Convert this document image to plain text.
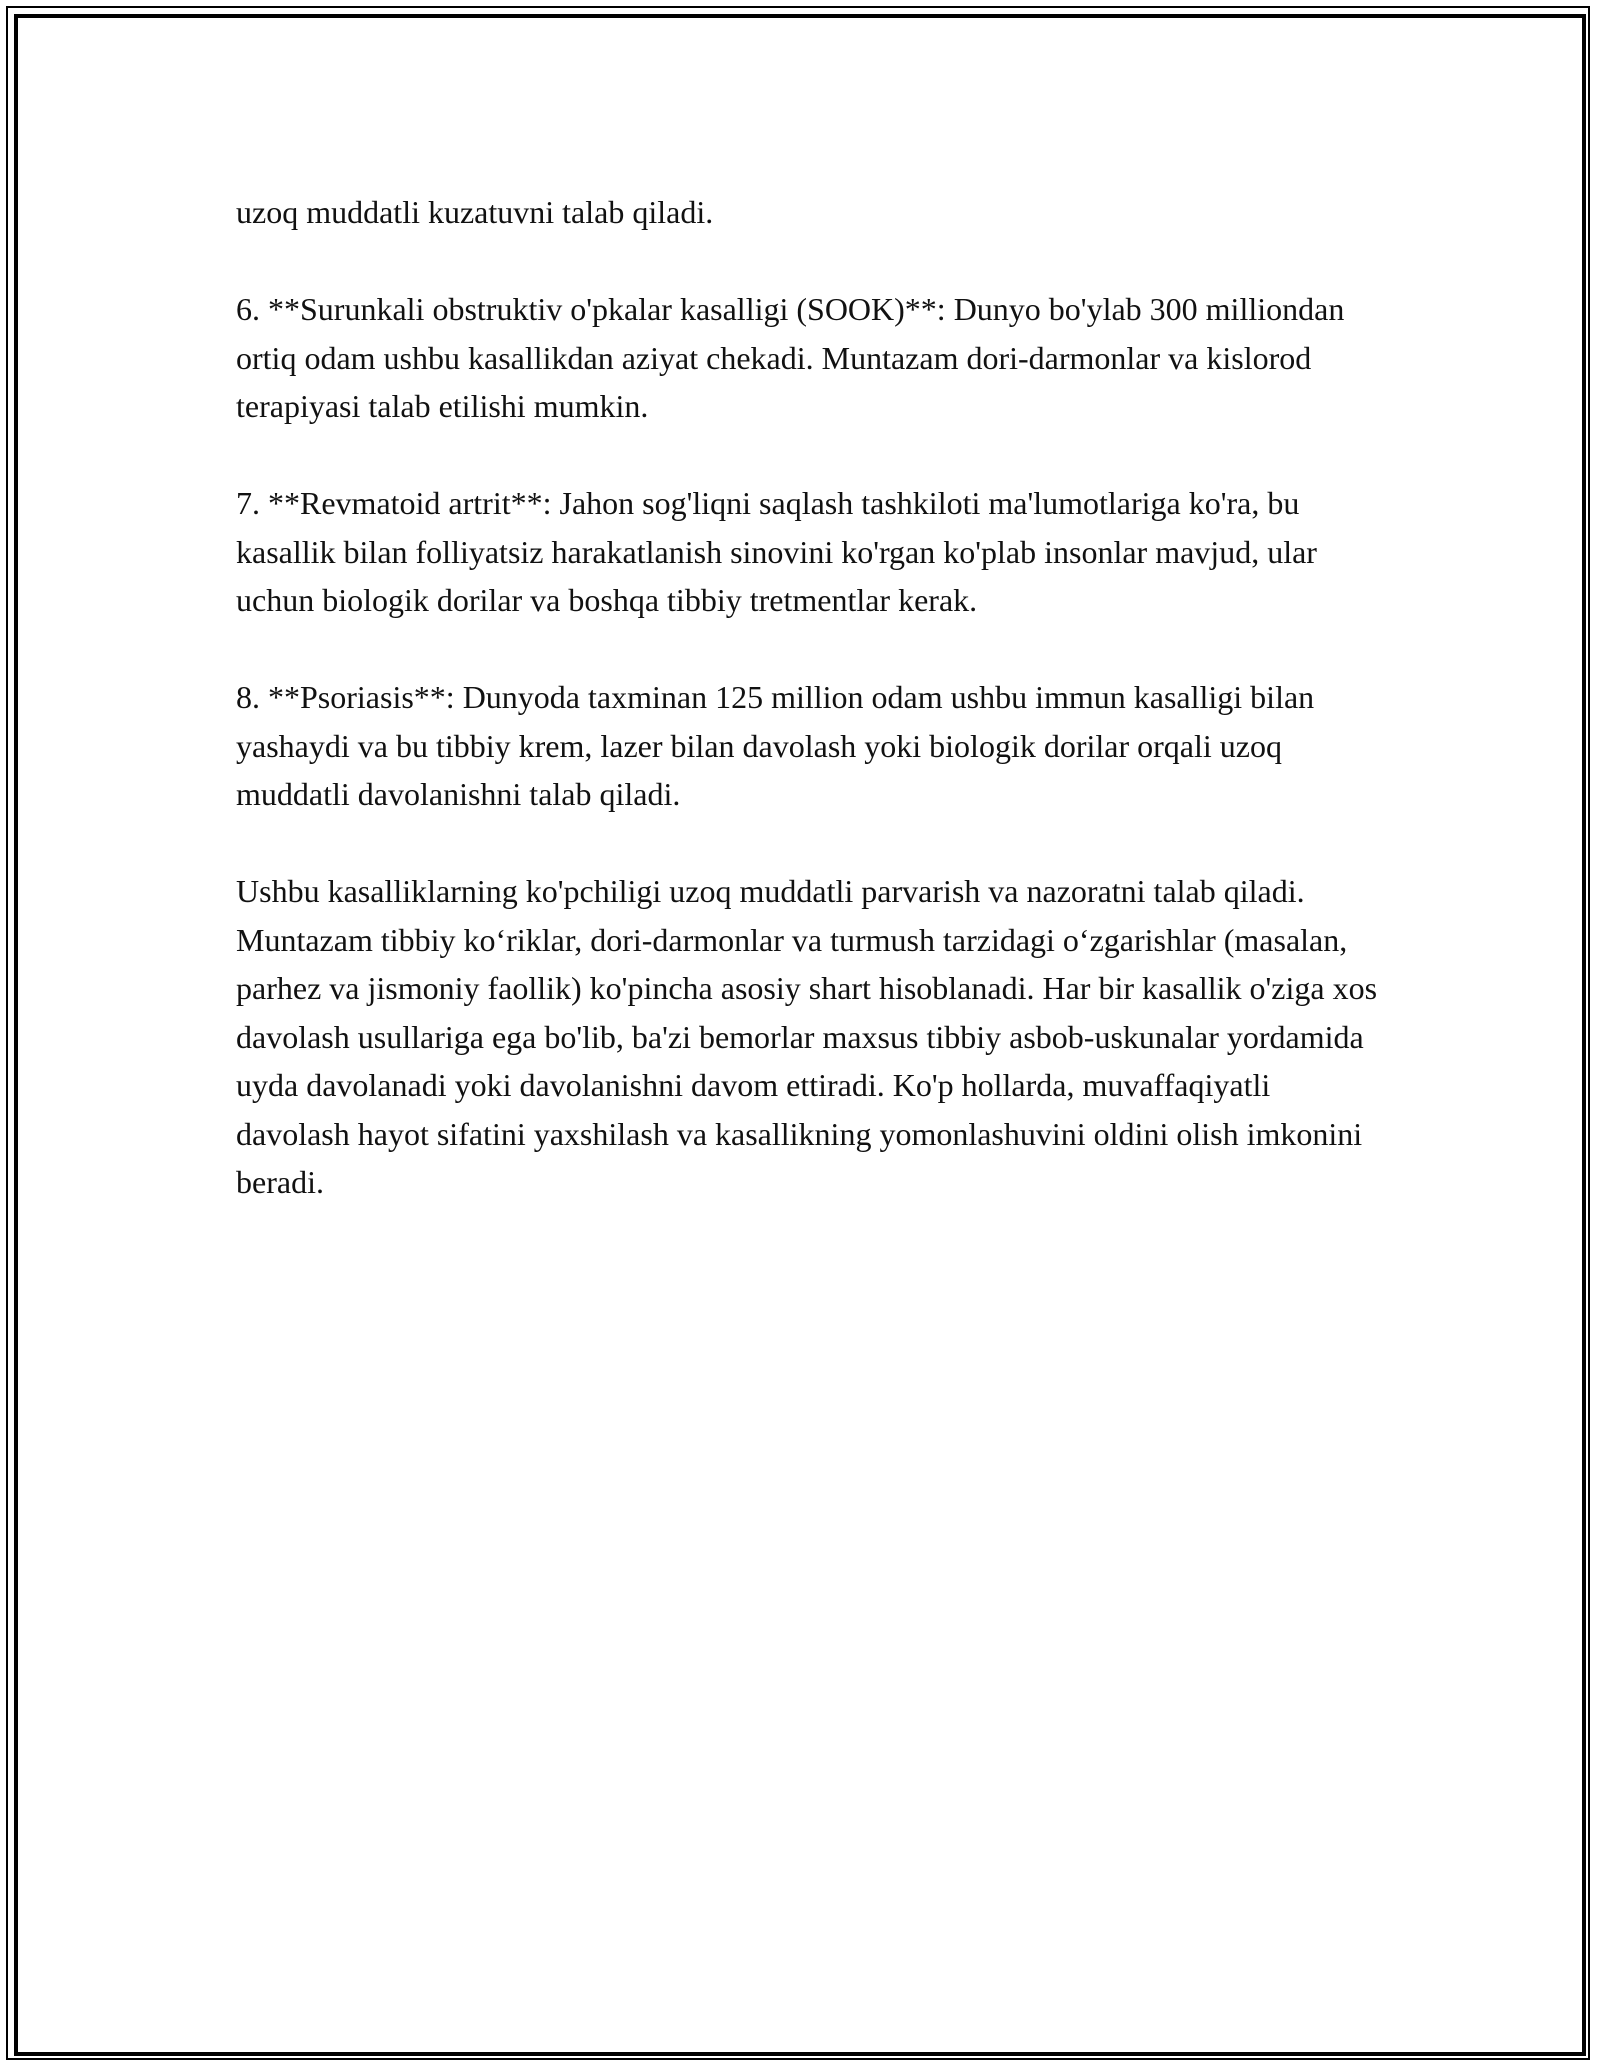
uzoq muddatli kuzatuvni talab qiladi.

6. **Surunkali obstruktiv o'pkalar kasalligi (SOOK)**: Dunyo bo'ylab 300 milliondan ortiq odam ushbu kasallikdan aziyat chekadi. Muntazam dori-darmonlar va kislorod terapiyasi talab etilishi mumkin.

7. **Revmatoid artrit**: Jahon sog'liqni saqlash tashkiloti ma'lumotlariga ko'ra, bu kasallik bilan folliyatsiz harakatlanish sinovini ko'rgan ko'plab insonlar mavjud, ular uchun biologik dorilar va boshqa tibbiy tretmentlar kerak.

8. **Psoriasis**: Dunyoda taxminan 125 million odam ushbu immun kasalligi bilan yashaydi va bu tibbiy krem, lazer bilan davolash yoki biologik dorilar orqali uzoq muddatli davolanishni talab qiladi.

Ushbu kasalliklarning ko'pchiligi uzoq muddatli parvarish va nazoratni talab qiladi. Muntazam tibbiy ko‘riklar, dori-darmonlar va turmush tarzidagi o‘zgarishlar (masalan, parhez va jismoniy faollik) ko'pincha asosiy shart hisoblanadi. Har bir kasallik o'ziga xos davolash usullariga ega bo'lib, ba'zi bemorlar maxsus tibbiy asbob-uskunalar yordamida uyda davolanadi yoki davolanishni davom ettiradi. Ko'p hollarda, muvaffaqiyatli davolash hayot sifatini yaxshilash va kasallikning yomonlashuvini oldini olish imkonini beradi.
